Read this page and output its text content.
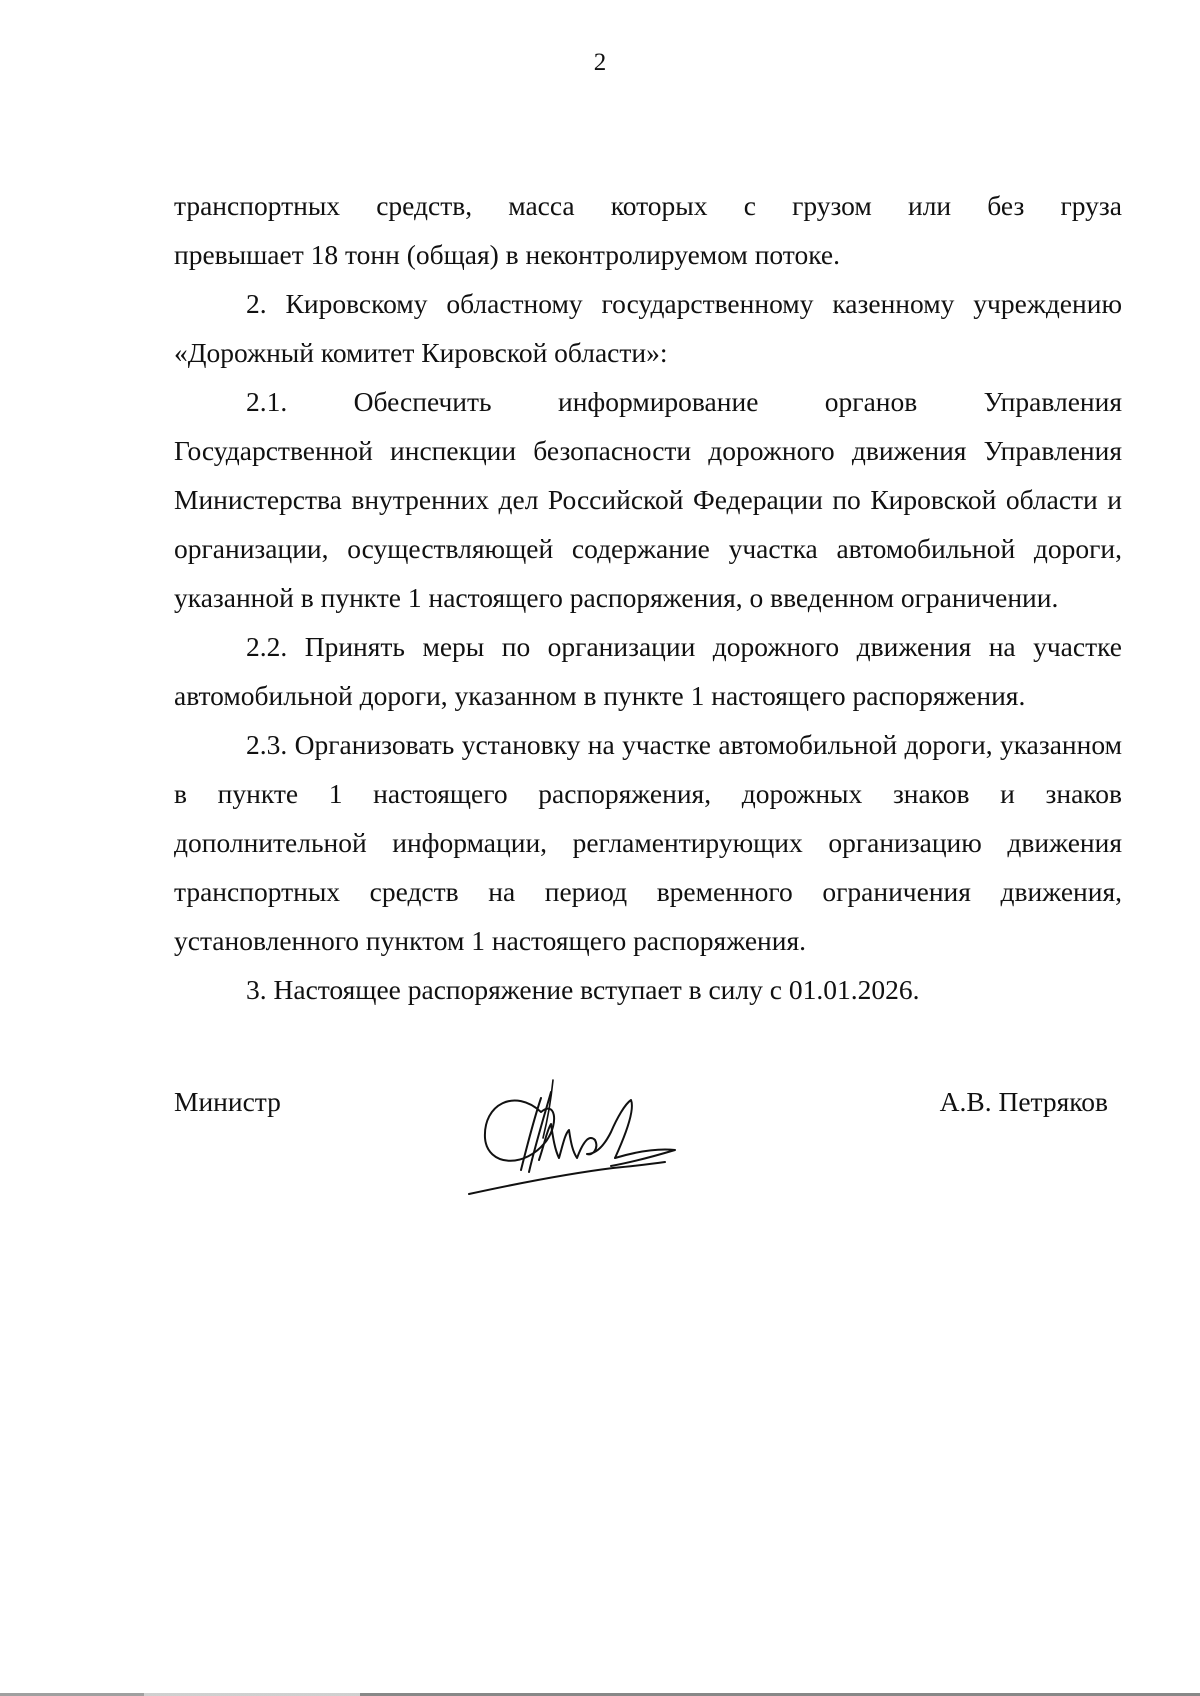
2

транспортных средств, масса которых с грузом или без груза

превышает 18 тонн (общая) в неконтролируемом потоке.

2. Кировскому областному государственному казенному учреждению «Дорожный комитет Кировской области»:

2.1. Обеспечить информирование органов Управления

Государственной инспекции безопасности дорожного движения Управления Министерства внутренних дел Российской Федерации по Кировской области и организации, осуществляющей содержание участка автомобильной дороги, указанной в пункте 1 настоящего распоряжения, о введенном ограничении.

2.2. Принять меры по организации дорожного движения на участке автомобильной дороги, указанном в пункте 1 настоящего распоряжения.

2.3. Организовать установку на участке автомобильной дороги, указанном в пункте 1 настоящего распоряжения, дорожных знаков и знаков дополнительной информации, регламентирующих организацию движения транспортных средств на период временного ограничения движения, установленного пунктом 1 настоящего распоряжения.

3. Настоящее распоряжение вступает в силу с 01.01.2026.

Министр	А.В. Петряков
